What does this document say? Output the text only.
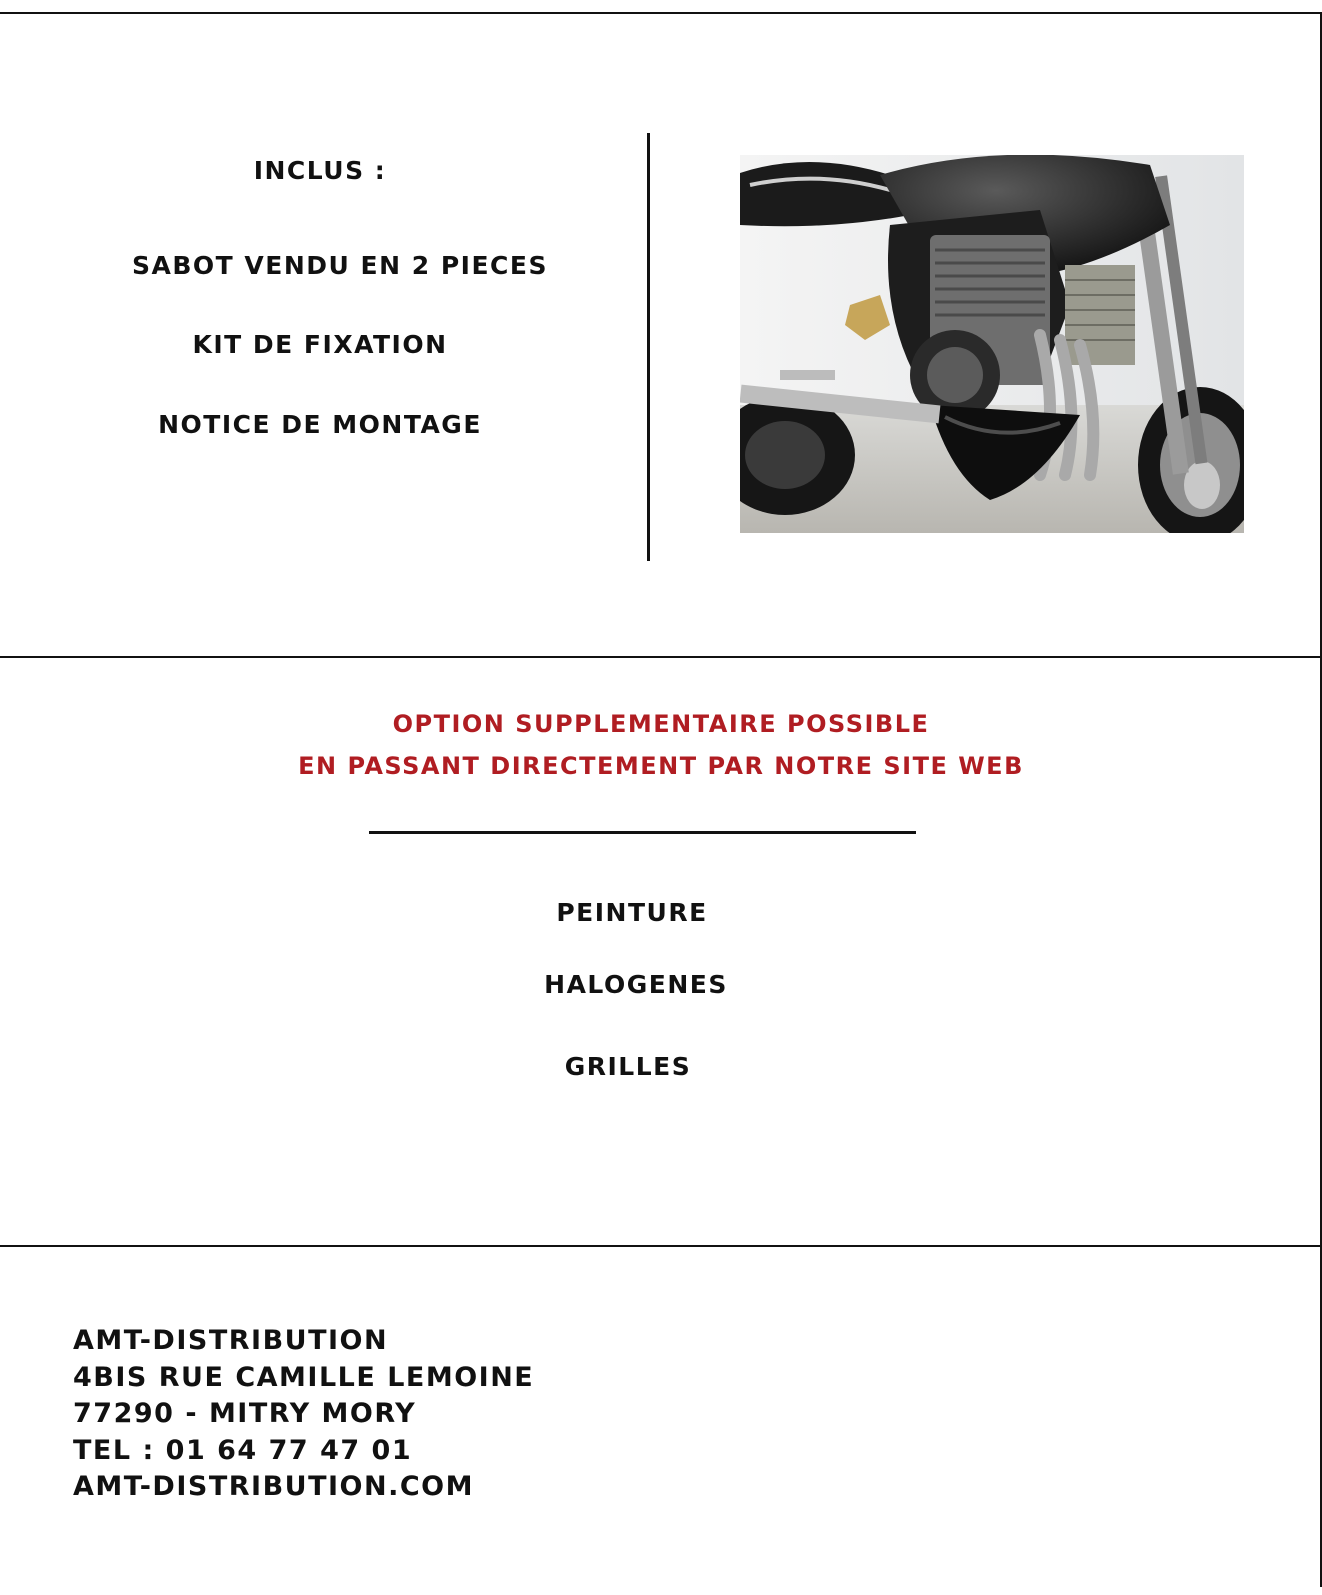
INCLUS :
SABOT VENDU EN 2 PIECES
KIT DE FIXATION
NOTICE DE MONTAGE
OPTION SUPPLEMENTAIRE POSSIBLE
EN PASSANT DIRECTEMENT PAR NOTRE SITE WEB
PEINTURE
HALOGENES
GRILLES
AMT-DISTRIBUTION
4BIS RUE CAMILLE LEMOINE
77290 - MITRY MORY
TEL : 01 64 77 47 01
AMT-DISTRIBUTION.COM
